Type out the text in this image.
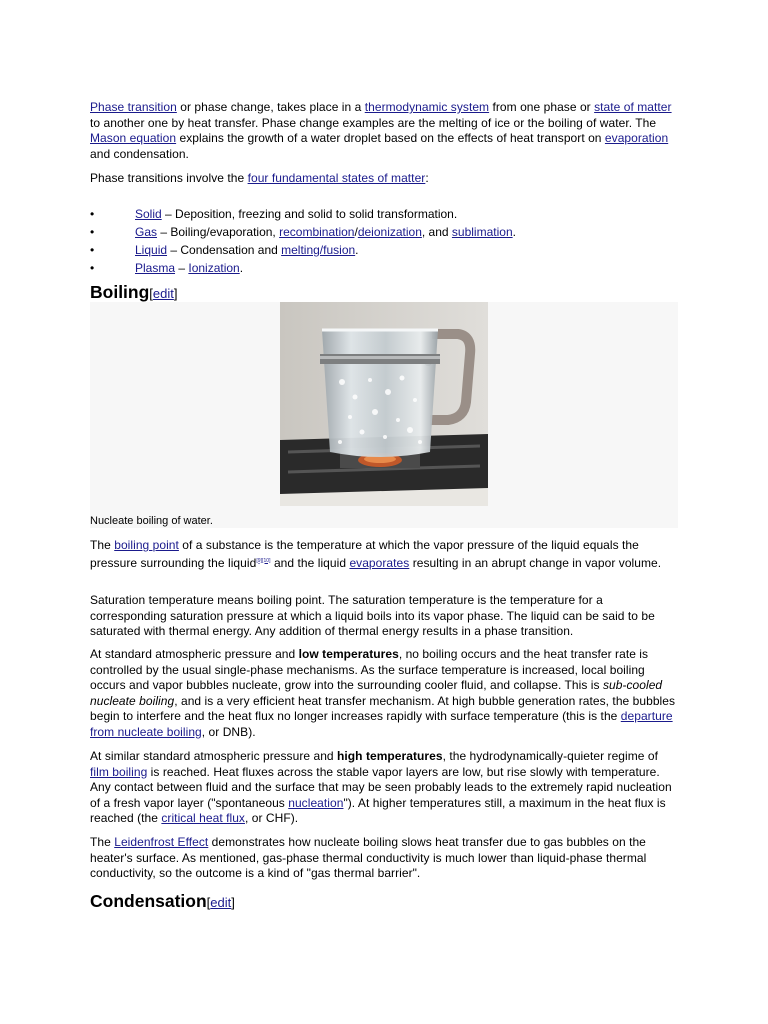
Phase transition or phase change, takes place in a thermodynamic system from one phase or state of matter to another one by heat transfer. Phase change examples are the melting of ice or the boiling of water. The Mason equation explains the growth of a water droplet based on the effects of heat transport on evaporation and condensation.

Phase transitions involve the four fundamental states of matter:

•	Solid – Deposition, freezing and solid to solid transformation.
•	Gas – Boiling/evaporation, recombination/deionization, and sublimation.
•	Liquid – Condensation and melting/fusion.
•	Plasma – Ionization.
Boiling[edit]
Nucleate boiling of water.

The boiling point of a substance is the temperature at which the vapor pressure of the liquid equals the pressure surrounding the liquid[9][10] and the liquid evaporates resulting in an abrupt change in vapor volume.

Saturation temperature means boiling point. The saturation temperature is the temperature for a corresponding saturation pressure at which a liquid boils into its vapor phase. The liquid can be said to be saturated with thermal energy. Any addition of thermal energy results in a phase transition.

At standard atmospheric pressure and low temperatures, no boiling occurs and the heat transfer rate is controlled by the usual single-phase mechanisms. As the surface temperature is increased, local boiling occurs and vapor bubbles nucleate, grow into the surrounding cooler fluid, and collapse. This is sub-cooled nucleate boiling, and is a very efficient heat transfer mechanism. At high bubble generation rates, the bubbles begin to interfere and the heat flux no longer increases rapidly with surface temperature (this is the departure from nucleate boiling, or DNB).

At similar standard atmospheric pressure and high temperatures, the hydrodynamically-quieter regime of film boiling is reached. Heat fluxes across the stable vapor layers are low, but rise slowly with temperature. Any contact between fluid and the surface that may be seen probably leads to the extremely rapid nucleation of a fresh vapor layer ("spontaneous nucleation"). At higher temperatures still, a maximum in the heat flux is reached (the critical heat flux, or CHF).

The Leidenfrost Effect demonstrates how nucleate boiling slows heat transfer due to gas bubbles on the heater's surface. As mentioned, gas-phase thermal conductivity is much lower than liquid-phase thermal conductivity, so the outcome is a kind of "gas thermal barrier".

Condensation[edit]
